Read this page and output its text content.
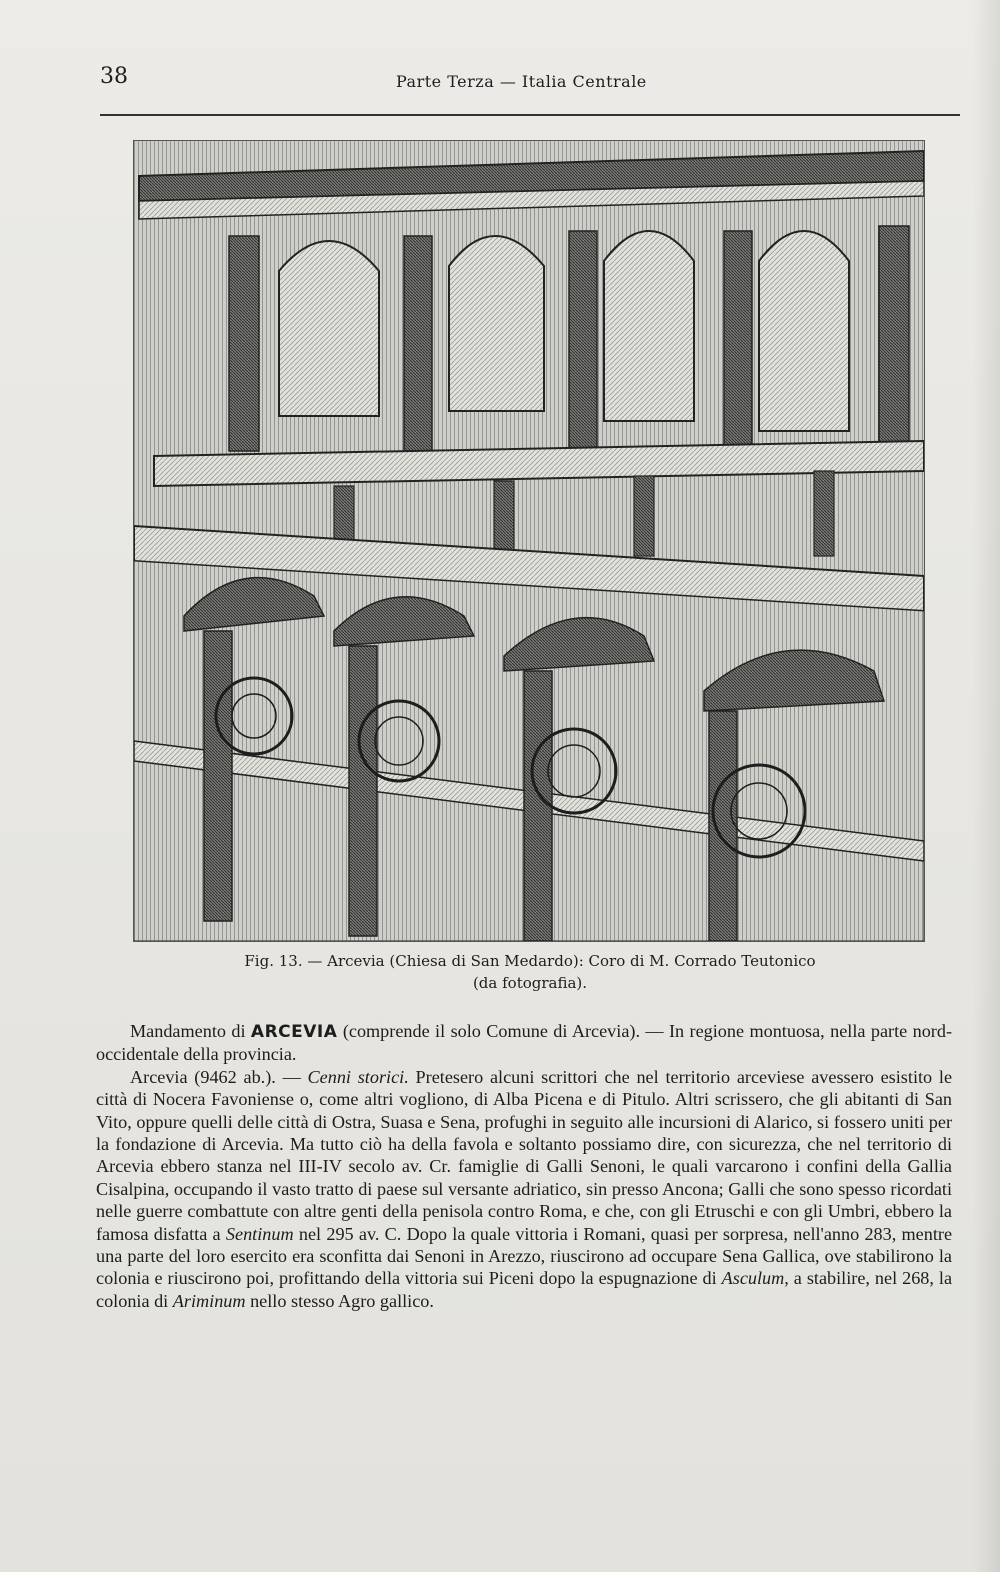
38	Parte Terza — Italia Centrale
Fig. 13. — Arcevia (Chiesa di San Medardo): Coro di M. Corrado Teutonico
(da fotografia).

Mandamento di ARCEVIA (comprende il solo Comune di Arcevia). — In regione montuosa, nella parte nord-occidentale della provincia.

Arcevia (9462 ab.). — Cenni storici. Pretesero alcuni scrittori che nel territorio arceviese avessero esistito le città di Nocera Favoniense o, come altri vogliono, di Alba Picena e di Pitulo. Altri scrissero, che gli abitanti di San Vito, oppure quelli delle città di Ostra, Suasa e Sena, profughi in seguito alle incursioni di Alarico, si fossero uniti per la fondazione di Arcevia. Ma tutto ciò ha della favola e soltanto possiamo dire, con sicurezza, che nel territorio di Arcevia ebbero stanza nel III-IV secolo av. Cr. famiglie di Galli Senoni, le quali varcarono i confini della Gallia Cisalpina, occupando il vasto tratto di paese sul versante adriatico, sin presso Ancona; Galli che sono spesso ricordati nelle guerre combattute con altre genti della penisola contro Roma, e che, con gli Etruschi e con gli Umbri, ebbero la famosa disfatta a Sentinum nel 295 av. C. Dopo la quale vittoria i Romani, quasi per sorpresa, nell'anno 283, mentre una parte del loro esercito era sconfitta dai Senoni in Arezzo, riuscirono ad occupare Sena Gallica, ove stabilirono la colonia e riuscirono poi, profittando della vittoria sui Piceni dopo la espugnazione di Asculum, a stabilire, nel 268, la colonia di Ariminum nello stesso Agro gallico.
